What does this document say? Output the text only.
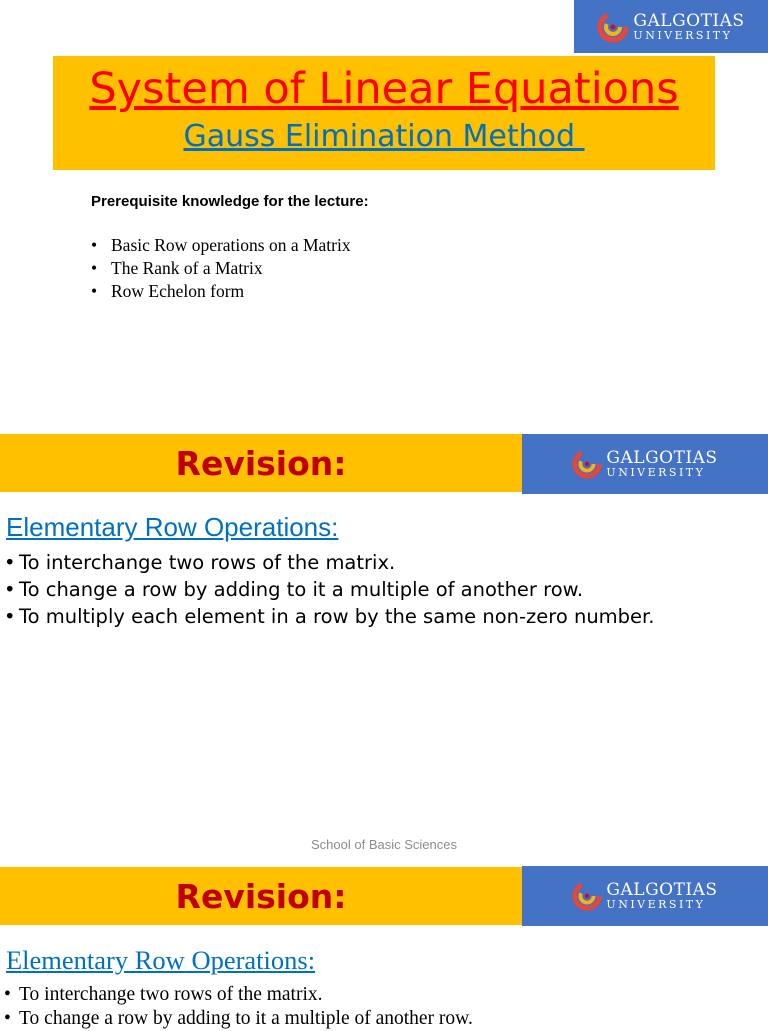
GALGOTIAS
UNIVERSITY
System of Linear Equations
Gauss Elimination Method
Prerequisite knowledge for the lecture:
• Basic Row operations on a Matrix
• The Rank of a Matrix
• Row Echelon form
Revision:	GALGOTIAS
UNIVERSITY
Elementary Row Operations:
• To interchange two rows of the matrix.
• To change a row by adding to it a multiple of another row.
• To multiply each element in a row by the same non-zero number.
School of Basic Sciences
Revision:	GALGOTIAS
UNIVERSITY
Elementary Row Operations:
• To interchange two rows of the matrix.
• To change a row by adding to it a multiple of another row.
